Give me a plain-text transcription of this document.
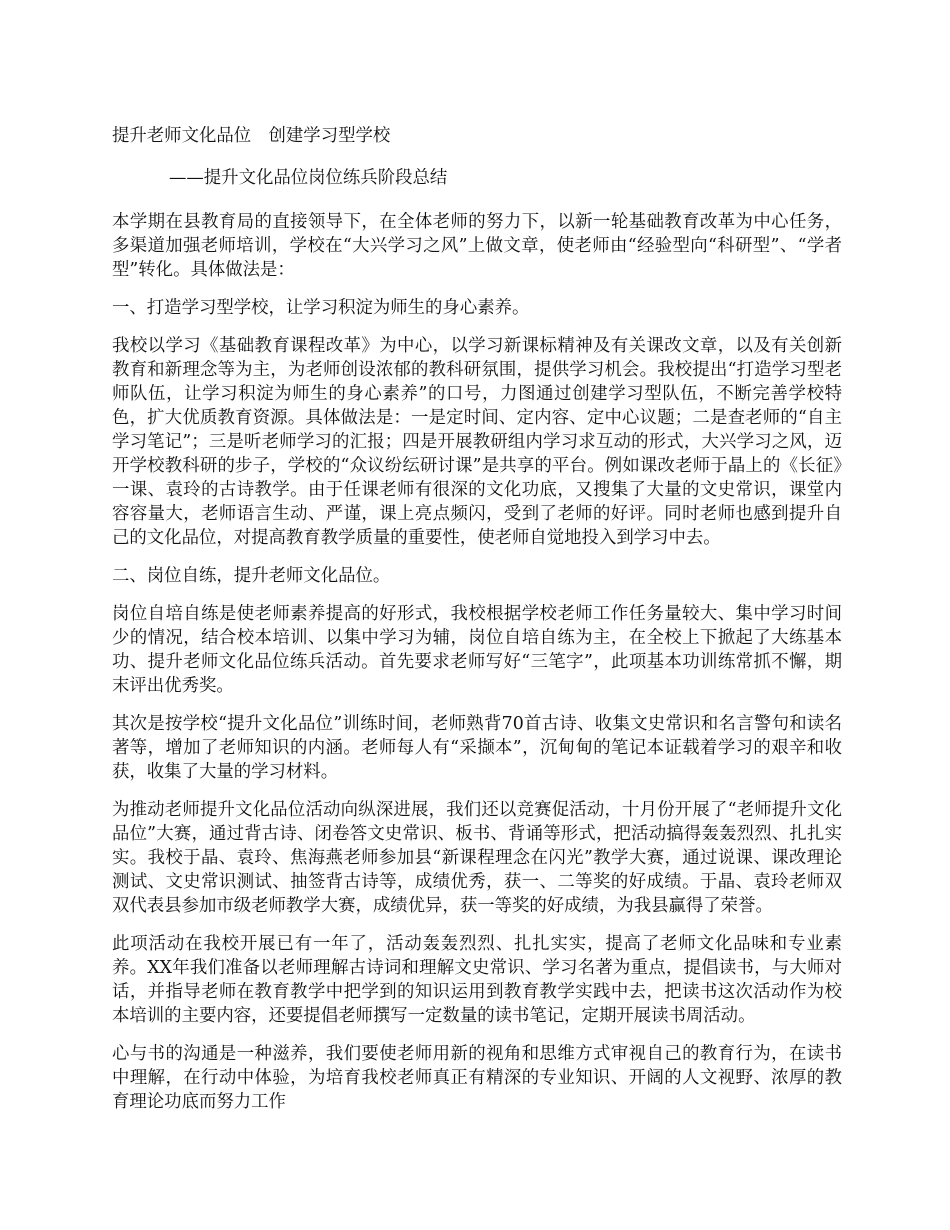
提升老师文化品位　创建学习型学校
——提升文化品位岗位练兵阶段总结

本学期在县教育局的直接领导下，在全体老师的努力下，以新一轮基础教育改革为中心任务，多渠道加强老师培训，学校在“大兴学习之风”上做文章，使老师由“经验型向“科研型”、“学者型”转化。具体做法是：

一、打造学习型学校，让学习积淀为师生的身心素养。

我校以学习《基础教育课程改革》为中心，以学习新课标精神及有关课改文章，以及有关创新教育和新理念等为主，为老师创设浓郁的教科研氛围，提供学习机会。我校提出“打造学习型老师队伍，让学习积淀为师生的身心素养”的口号，力图通过创建学习型队伍，不断完善学校特色，扩大优质教育资源。具体做法是：一是定时间、定内容、定中心议题；二是查老师的“自主学习笔记”；三是听老师学习的汇报；四是开展教研组内学习求互动的形式，大兴学习之风，迈开学校教科研的步子，学校的“众议纷纭研讨课”是共享的平台。例如课改老师于晶上的《长征》一课、袁玲的古诗教学。由于任课老师有很深的文化功底，又搜集了大量的文史常识，课堂内容容量大，老师语言生动、严谨，课上亮点频闪，受到了老师的好评。同时老师也感到提升自己的文化品位，对提高教育教学质量的重要性，使老师自觉地投入到学习中去。

二、岗位自练，提升老师文化品位。

岗位自培自练是使老师素养提高的好形式，我校根据学校老师工作任务量较大、集中学习时间少的情况，结合校本培训、以集中学习为辅，岗位自培自练为主，在全校上下掀起了大练基本功、提升老师文化品位练兵活动。首先要求老师写好“三笔字”，此项基本功训练常抓不懈，期末评出优秀奖。

其次是按学校“提升文化品位”训练时间，老师熟背70首古诗、收集文史常识和名言警句和读名著等，增加了老师知识的内涵。老师每人有“采撷本”，沉甸甸的笔记本证载着学习的艰辛和收获，收集了大量的学习材料。

为推动老师提升文化品位活动向纵深进展，我们还以竞赛促活动，十月份开展了“老师提升文化品位”大赛，通过背古诗、闭卷答文史常识、板书、背诵等形式，把活动搞得轰轰烈烈、扎扎实实。我校于晶、袁玲、焦海燕老师参加县“新课程理念在闪光”教学大赛，通过说课、课改理论测试、文史常识测试、抽签背古诗等，成绩优秀，获一、二等奖的好成绩。于晶、袁玲老师双双代表县参加市级老师教学大赛，成绩优异，获一等奖的好成绩，为我县赢得了荣誉。

此项活动在我校开展已有一年了，活动轰轰烈烈、扎扎实实，提高了老师文化品味和专业素养。XX年我们准备以老师理解古诗词和理解文史常识、学习名著为重点，提倡读书，与大师对话，并指导老师在教育教学中把学到的知识运用到教育教学实践中去，把读书这次活动作为校本培训的主要内容，还要提倡老师撰写一定数量的读书笔记，定期开展读书周活动。

心与书的沟通是一种滋养，我们要使老师用新的视角和思维方式审视自己的教育行为，在读书中理解，在行动中体验，为培育我校老师真正有精深的专业知识、开阔的人文视野、浓厚的教育理论功底而努力工作
